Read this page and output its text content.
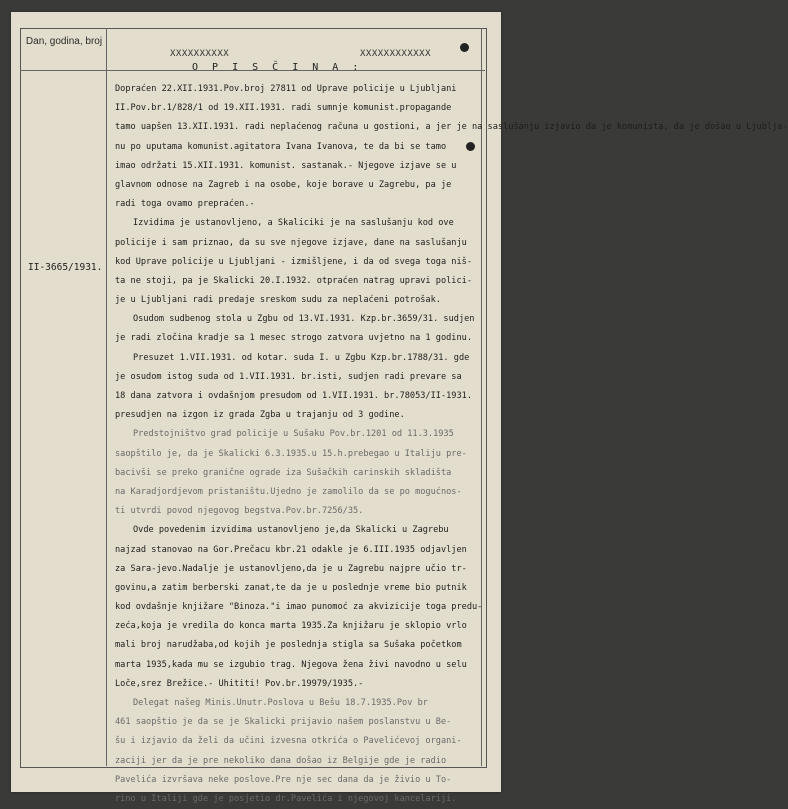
Dan, godina, broj
XXXXXXXXXX	XXXXXXXXXXXX
O P I S Č I N A :
II-3665/1931.
Dopraćen 22.XII.1931.Pov.broj 27811 od Uprave policije u Ljubljani
II.Pov.br.1/828/1 od 19.XII.1931. radi sumnje komunist.propagande
tamo uapšen 13.XII.1931. radi neplaćenog računa u gostioni, a jer je na saslušanju izjavio da je komunista, da je došao u Ljublja-
nu po uputama komunist.agitatora Ivana Ivanova, te da bi se tamo
imao održati 15.XII.1931. komunist. sastanak.- Njegove izjave se u
glavnom odnose na Zagreb i na osobe, koje borave u Zagrebu, pa je
radi toga ovamo prepraćen.-
Izvidima je ustanovljeno, a Skaliciki je na saslušanju kod ove
policije i sam priznao, da su sve njegove izjave, dane na saslušanju
kod Uprave policije u Ljubljani - izmišljene, i da od svega toga niš-
ta ne stoji, pa je Skalicki 20.I.1932. otpraćen natrag upravi polici-
je u Ljubljani radi predaje sreskom sudu za neplaćeni potrošak.
Osudom sudbenog stola u Zgbu od 13.VI.1931. Kzp.br.3659/31. sudjen
je radi zločina kradje sa 1 mesec strogo zatvora uvjetno na 1 godinu.
Presuzet 1.VII.1931. od kotar. suda I. u Zgbu Kzp.br.1788/31. gde
je osudom istog suda od 1.VII.1931. br.isti, sudjen radi prevare sa
18 dana zatvora i ovdašnjom presudom od 1.VII.1931. br.78053/II-1931.
presudjen na izgon iz grada Zgba u trajanju od 3 godine.
Predstojništvo grad policije u Sušaku Pov.br.1201 od 11.3.1935
saopštilo je, da je Skalicki 6.3.1935.u 15.h.prebegao u Italiju pre-
bacivši se preko granične ograde iza Sušačkih carinskih skladišta
na Karadjordjevom pristaništu.Ujedno je zamolilo da se po mogućnos-
ti utvrdi povod njegovog begstva.Pov.br.7256/35.
Ovde povedenim izvidima ustanovljeno je,da Skalicki u Zagrebu
najzad stanovao na Gor.Prečacu kbr.21 odakle je 6.III.1935 odjavljen
za Sara-jevo.Nadalje je ustanovljeno,da je u Zagrebu najpre učio tr-
govinu,a zatim berberski zanat,te da je u poslednje vreme bio putnik
kod ovdašnje knjižare "Binoza."i imao punomoć za akvizicije toga predu-
zeća,koja je vredila do konca marta 1935.Za knjižaru je sklopio vrlo
mali broj narudžaba,od kojih je poslednja stigla sa Sušaka početkom
marta 1935,kada mu se izgubio trag. Njegova žena živi navodno u selu
Loče,srez Brežice.- Uhititi! Pov.br.19979/1935.-
Delegat našeg Minis.Unutr.Poslova u Bešu 18.7.1935.Pov br
461 saopštio je da se je Skalicki prijavio našem poslanstvu u Be-
šu i izjavio da želi da učini izvesna otkrića o Pavelićevoj organi-
zaciji jer da je pre nekoliko dana došao iz Belgije gde je radio
Pavelića izvršava neke poslove.Pre nje sec dana da je živio u To-
rino u Italiji gde je posjetio dr.Pavelića i njegovoj kancelariji.
